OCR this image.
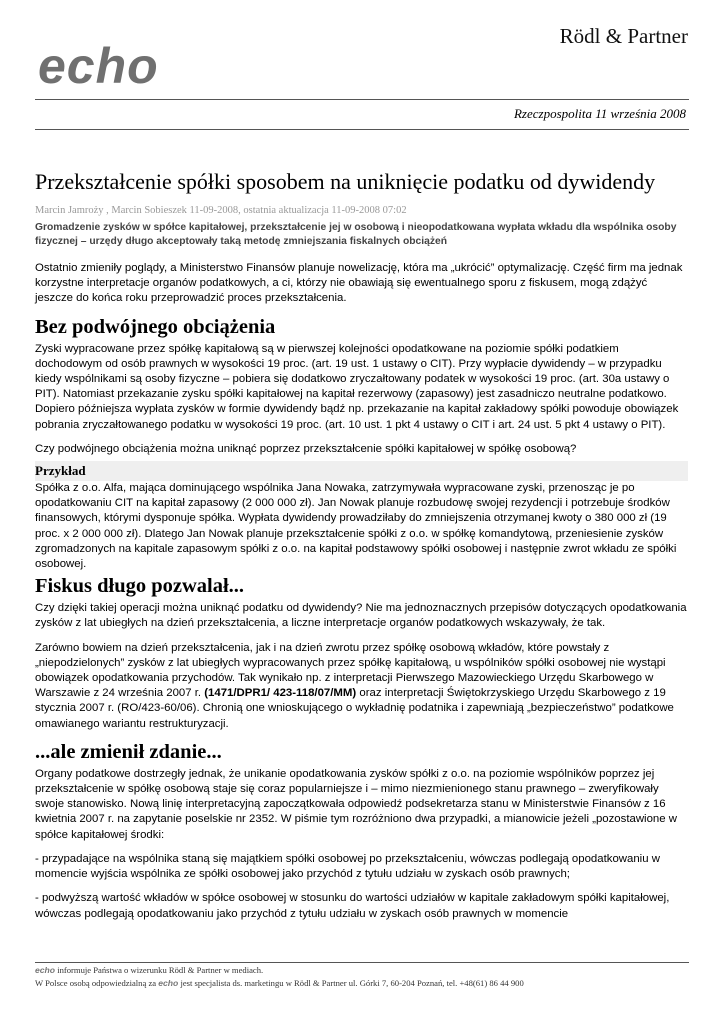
echo
Rödl & Partner
Rzeczpospolita 11 września 2008
Przekształcenie spółki sposobem na uniknięcie podatku od dywidendy
Marcin Jamroży , Marcin Sobieszek 11-09-2008, ostatnia aktualizacja 11-09-2008 07:02
Gromadzenie zysków w spółce kapitałowej, przekształcenie jej w osobową i nieopodatkowana wypłata wkładu dla wspólnika osoby fizycznej – urzędy długo akceptowały taką metodę zmniejszania fiskalnych obciążeń

Ostatnio zmieniły poglądy, a Ministerstwo Finansów planuje nowelizację, która ma „ukrócić” optymalizację. Część firm ma jednak korzystne interpretacje organów podatkowych, a ci, którzy nie obawiają się ewentualnego sporu z fiskusem, mogą zdążyć jeszcze do końca roku przeprowadzić proces przekształcenia.

Bez podwójnego obciążenia

Zyski wypracowane przez spółkę kapitałową są w pierwszej kolejności opodatkowane na poziomie spółki podatkiem dochodowym od osób prawnych w wysokości 19 proc. (art. 19 ust. 1 ustawy o CIT). Przy wypłacie dywidendy – w przypadku kiedy wspólnikami są osoby fizyczne – pobiera się dodatkowo zryczałtowany podatek w wysokości 19 proc. (art. 30a ustawy o PIT). Natomiast przekazanie zysku spółki kapitałowej na kapitał rezerwowy (zapasowy) jest zasadniczo neutralne podatkowo. Dopiero późniejsza wypłata zysków w formie dywidendy bądź np. przekazanie na kapitał zakładowy spółki powoduje obowiązek pobrania zryczałtowanego podatku w wysokości 19 proc. (art. 10 ust. 1 pkt 4 ustawy o CIT i art. 24 ust. 5 pkt 4 ustawy o PIT).

Czy podwójnego obciążenia można uniknąć poprzez przekształcenie spółki kapitałowej w spółkę osobową?

Przykład

Spółka z o.o. Alfa, mająca dominującego wspólnika Jana Nowaka, zatrzymywała wypracowane zyski, przenosząc je po opodatkowaniu CIT na kapitał zapasowy (2 000 000 zł). Jan Nowak planuje rozbudowę swojej rezydencji i potrzebuje środków finansowych, którymi dysponuje spółka. Wypłata dywidendy prowadziłaby do zmniejszenia otrzymanej kwoty o 380 000 zł (19 proc. x 2 000 000 zł). Dlatego Jan Nowak planuje przekształcenie spółki z o.o. w spółkę komandytową, przeniesienie zysków zgromadzonych na kapitale zapasowym spółki z o.o. na kapitał podstawowy spółki osobowej i następnie zwrot wkładu ze spółki osobowej.

Fiskus długo pozwalał...

Czy dzięki takiej operacji można uniknąć podatku od dywidendy? Nie ma jednoznacznych przepisów dotyczących opodatkowania zysków z lat ubiegłych na dzień przekształcenia, a liczne interpretacje organów podatkowych wskazywały, że tak.

Zarówno bowiem na dzień przekształcenia, jak i na dzień zwrotu przez spółkę osobową wkładów, które powstały z „niepodzielonych” zysków z lat ubiegłych wypracowanych przez spółkę kapitałową, u wspólników spółki osobowej nie wystąpi obowiązek opodatkowania przychodów. Tak wynikało np. z interpretacji Pierwszego Mazowieckiego Urzędu Skarbowego w Warszawie z 24 września 2007 r. (1471/DPR1/ 423-118/07/MM) oraz interpretacji Świętokrzyskiego Urzędu Skarbowego z 19 stycznia 2007 r. (RO/423-60/06). Chronią one wnioskującego o wykładnię podatnika i zapewniają „bezpieczeństwo” podatkowe omawianego wariantu restrukturyzacji.

...ale zmienił zdanie...

Organy podatkowe dostrzegły jednak, że unikanie opodatkowania zysków spółki z o.o. na poziomie wspólników poprzez jej przekształcenie w spółkę osobową staje się coraz popularniejsze i – mimo niezmienionego stanu prawnego – zweryfikowały swoje stanowisko. Nową linię interpretacyjną zapoczątkowała odpowiedź podsekretarza stanu w Ministerstwie Finansów z 16 kwietnia 2007 r. na zapytanie poselskie nr 2352. W piśmie tym rozróżniono dwa przypadki, a mianowicie jeżeli „pozostawione w spółce kapitałowej środki:

- przypadające na wspólnika staną się majątkiem spółki osobowej po przekształceniu, wówczas podlegają opodatkowaniu w momencie wyjścia wspólnika ze spółki osobowej jako przychód z tytułu udziału w zyskach osób prawnych;

- podwyższą wartość wkładów w spółce osobowej w stosunku do wartości udziałów w kapitale zakładowym spółki kapitałowej, wówczas podlegają opodatkowaniu jako przychód z tytułu udziału w zyskach osób prawnych w momencie

echo informuje Państwa o wizerunku Rödl & Partner w mediach.
W Polsce osobą odpowiedzialną za echo jest specjalista ds. marketingu w Rödl & Partner ul. Górki 7, 60-204 Poznań, tel. +48(61) 86 44 900
